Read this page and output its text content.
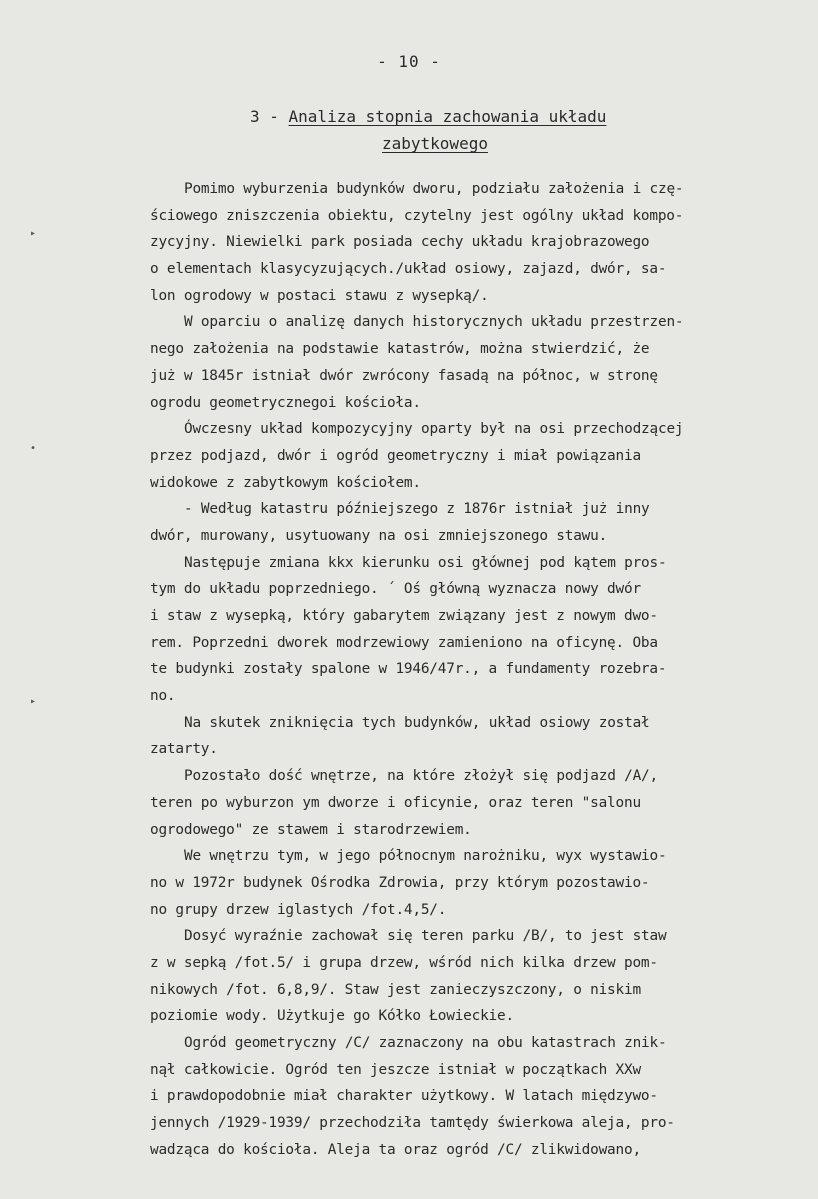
- 10 -
3 - Analiza stopnia zachowania układu
zabytkowego
▸
•
▸
Pomimo wyburzenia budynków dworu, podziału założenia i czę-
ściowego zniszczenia obiektu, czytelny jest ogólny układ kompo-
zycyjny. Niewielki park posiada cechy układu krajobrazowego
o elementach klasycyzujących./układ osiowy, zajazd, dwór, sa-
lon ogrodowy w postaci stawu z wysepką/.
W oparciu o analizę danych historycznych układu przestrzen-
nego założenia na podstawie katastrów, można stwierdzić, że
już w 1845r istniał dwór zwrócony fasadą na północ, w stronę
ogrodu geometrycznegoi kościoła.
Ówczesny układ kompozycyjny oparty był na osi przechodzącej
przez podjazd, dwór i ogród geometryczny i miał powiązania
widokowe z zabytkowym kościołem.
- Według katastru późniejszego z 1876r istniał już inny
dwór, murowany, usytuowany na osi zmniejszonego stawu.
Następuje zmiana kkx kierunku osi głównej pod kątem pros-
tym do układu poprzedniego. ´ Oś główną wyznacza nowy dwór
i staw z wysepką, który gabarytem związany jest z nowym dwo-
rem. Poprzedni dworek modrzewiowy zamieniono na oficynę. Oba
te budynki zostały spalone w 1946/47r., a fundamenty rozebra-
no.
Na skutek zniknięcia tych budynków, układ osiowy został
zatarty.
Pozostało dość wnętrze, na które złożył się podjazd /A/,
teren po wyburzon ym dworze i oficynie, oraz teren "salonu
ogrodowego" ze stawem i starodrzewiem.
We wnętrzu tym, w jego północnym narożniku, wyx wystawio-
no w 1972r budynek Ośrodka Zdrowia, przy którym pozostawio-
no grupy drzew iglastych /fot.4,5/.
Dosyć wyraźnie zachował się teren parku /B/, to jest staw
z w sepką /fot.5/ i grupa drzew, wśród nich kilka drzew pom-
nikowych /fot. 6,8,9/. Staw jest zanieczyszczony, o niskim
poziomie wody. Użytkuje go Kółko Łowieckie.
Ogród geometryczny /C/ zaznaczony na obu katastrach znik-
nął całkowicie. Ogród ten jeszcze istniał w początkach XXw
i prawdopodobnie miał charakter użytkowy. W latach międzywo-
jennych /1929-1939/ przechodziła tamtędy świerkowa aleja, pro-
wadząca do kościoła. Aleja ta oraz ogród /C/ zlikwidowano,
